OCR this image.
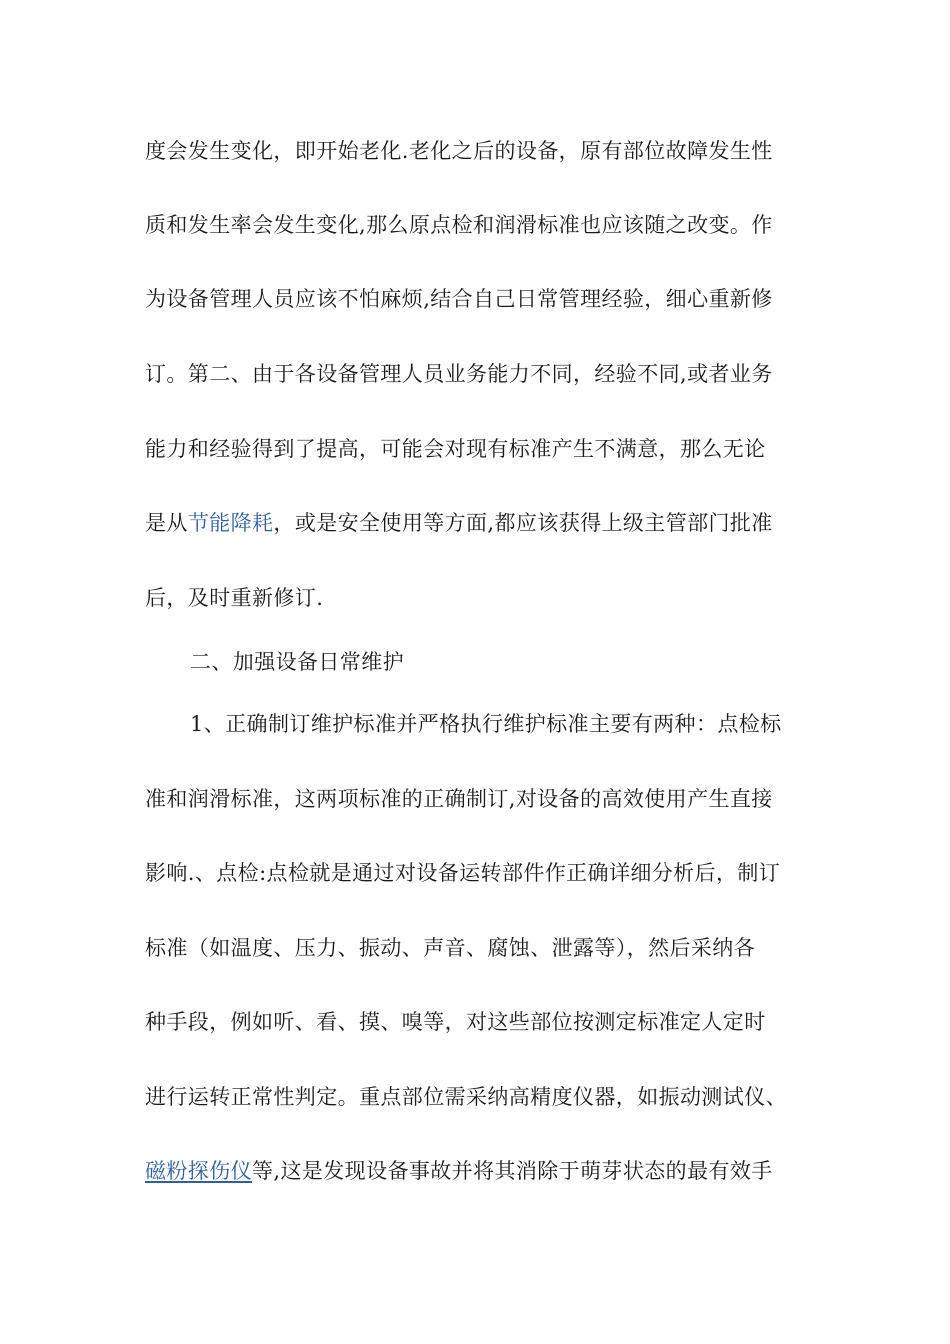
度会发生变化，即开始老化.老化之后的设备，原有部位故障发生性
质和发生率会发生变化,那么原点检和润滑标准也应该随之改变。作
为设备管理人员应该不怕麻烦,结合自己日常管理经验，细心重新修
订。第二、由于各设备管理人员业务能力不同，经验不同,或者业务
能力和经验得到了提高，可能会对现有标准产生不满意，那么无论
是从节能降耗，或是安全使用等方面,都应该获得上级主管部门批准
后，及时重新修订.
二、加强设备日常维护
1、正确制订维护标准并严格执行维护标准主要有两种：点检标
准和润滑标准，这两项标准的正确制订,对设备的高效使用产生直接
影响.、点检:点检就是通过对设备运转部件作正确详细分析后，制订
标准（如温度、压力、振动、声音、腐蚀、泄露等），然后采纳各
种手段，例如听、看、摸、嗅等，对这些部位按测定标准定人定时
进行运转正常性判定。重点部位需采纳高精度仪器，如振动测试仪、
磁粉探伤仪等,这是发现设备事故并将其消除于萌芽状态的最有效手
